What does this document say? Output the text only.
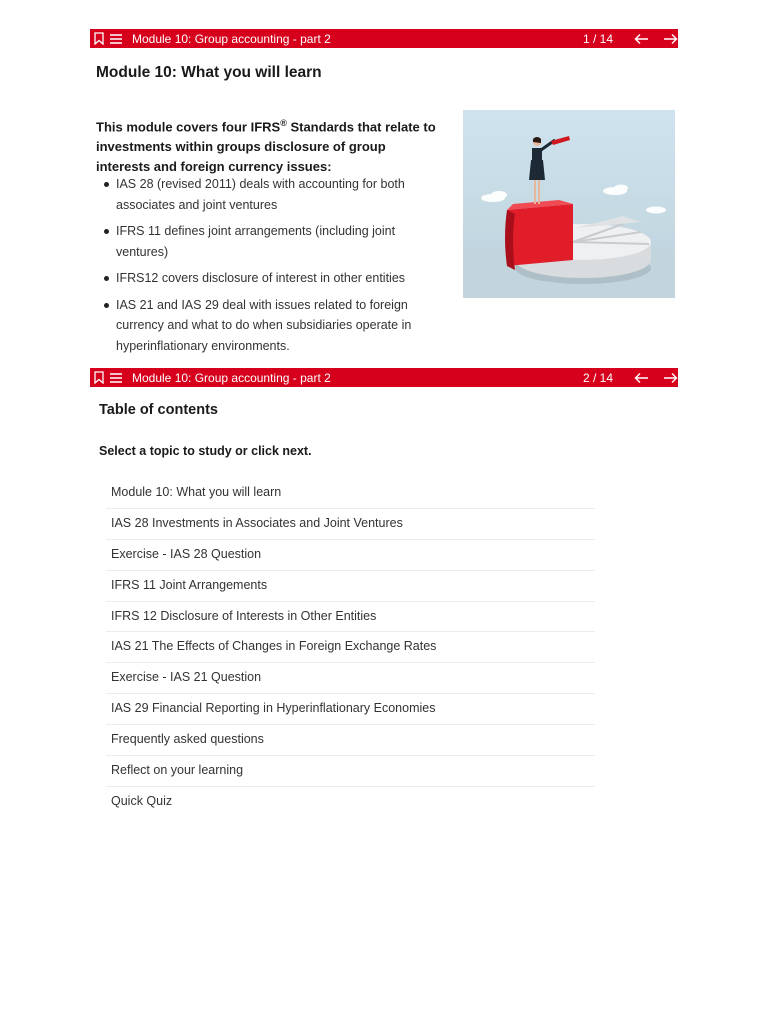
Module 10: Group accounting - part 2	1 / 14
Module 10: What you will learn
This module covers four IFRS® Standards that relate to investments within groups disclosure of group interests and foreign currency issues:
IAS 28 (revised 2011) deals with accounting for both associates and joint ventures
IFRS 11 defines joint arrangements (including joint ventures)
IFRS12 covers disclosure of interest in other entities
IAS 21 and IAS 29 deal with issues related to foreign currency and what to do when subsidiaries operate in hyperinflationary environments.
Module 10: Group accounting - part 2	2 / 14
Table of contents
Select a topic to study or click next.
Module 10: What you will learn
IAS 28 Investments in Associates and Joint Ventures
Exercise - IAS 28 Question
IFRS 11 Joint Arrangements
IFRS 12 Disclosure of Interests in Other Entities
IAS 21 The Effects of Changes in Foreign Exchange Rates
Exercise - IAS 21 Question
IAS 29 Financial Reporting in Hyperinflationary Economies
Frequently asked questions
Reflect on your learning
Quick Quiz
